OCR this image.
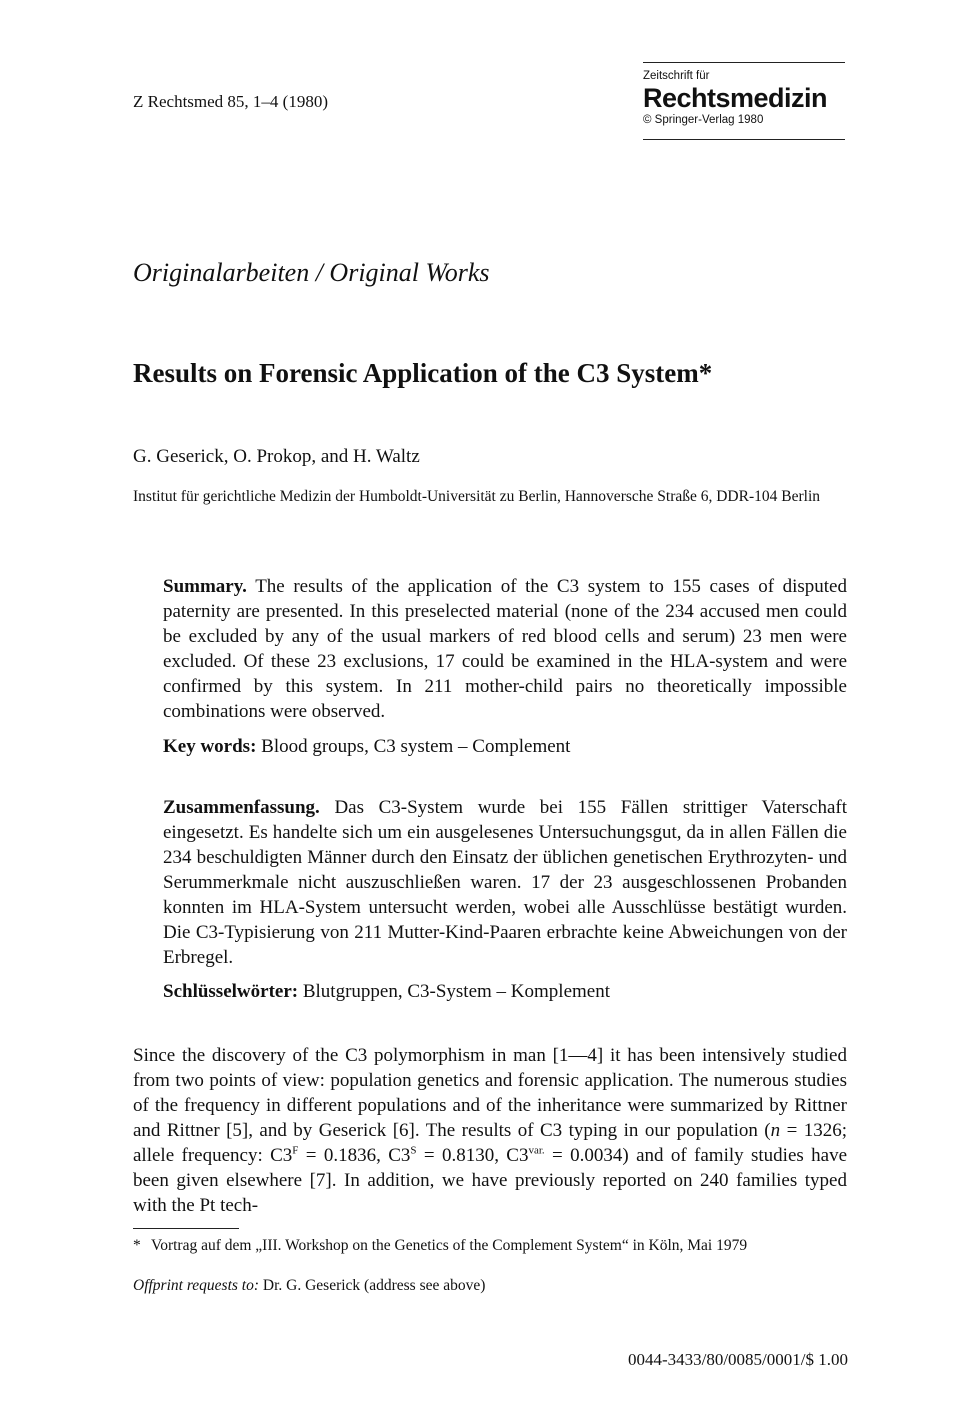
Z Rechtsmed 85, 1–4 (1980)
Zeitschrift für
Rechtsmedizin
© Springer-Verlag 1980
Originalarbeiten / Original Works
Results on Forensic Application of the C3 System*
G. Geserick, O. Prokop, and H. Waltz
Institut für gerichtliche Medizin der Humboldt-Universität zu Berlin, Hannoversche Straße 6, DDR-104 Berlin
Summary. The results of the application of the C3 system to 155 cases of disputed paternity are presented. In this preselected material (none of the 234 accused men could be excluded by any of the usual markers of red blood cells and serum) 23 men were excluded. Of these 23 exclusions, 17 could be examined in the HLA-system and were confirmed by this system. In 211 mother-child pairs no theoretically impossible combinations were observed.
Key words: Blood groups, C3 system – Complement
Zusammenfassung. Das C3-System wurde bei 155 Fällen strittiger Vaterschaft eingesetzt. Es handelte sich um ein ausgelesenes Untersuchungsgut, da in allen Fällen die 234 beschuldigten Männer durch den Einsatz der üblichen genetischen Erythrozyten- und Serummerkmale nicht auszuschließen waren. 17 der 23 ausgeschlossenen Probanden konnten im HLA-System untersucht werden, wobei alle Ausschlüsse bestätigt wurden. Die C3-Typisierung von 211 Mutter-Kind-Paaren erbrachte keine Abweichungen von der Erbregel.
Schlüsselwörter: Blutgruppen, C3-System – Komplement
Since the discovery of the C3 polymorphism in man [1—4] it has been intensively studied from two points of view: population genetics and forensic application. The numerous studies of the frequency in different populations and of the inheritance were summarized by Rittner and Rittner [5], and by Geserick [6]. The results of C3 typing in our population (n = 1326; allele frequency: $C3^F = 0.1836$, $C3^S = 0.8130$, $C3^{var.} = 0.0034$) and of family studies have been given elsewhere [7]. In addition, we have previously reported on 240 families typed with the Pt tech-
* Vortrag auf dem „III. Workshop on the Genetics of the Complement System“ in Köln, Mai 1979
Offprint requests to: Dr. G. Geserick (address see above)
0044-3433/80/0085/0001/$ 1.00
